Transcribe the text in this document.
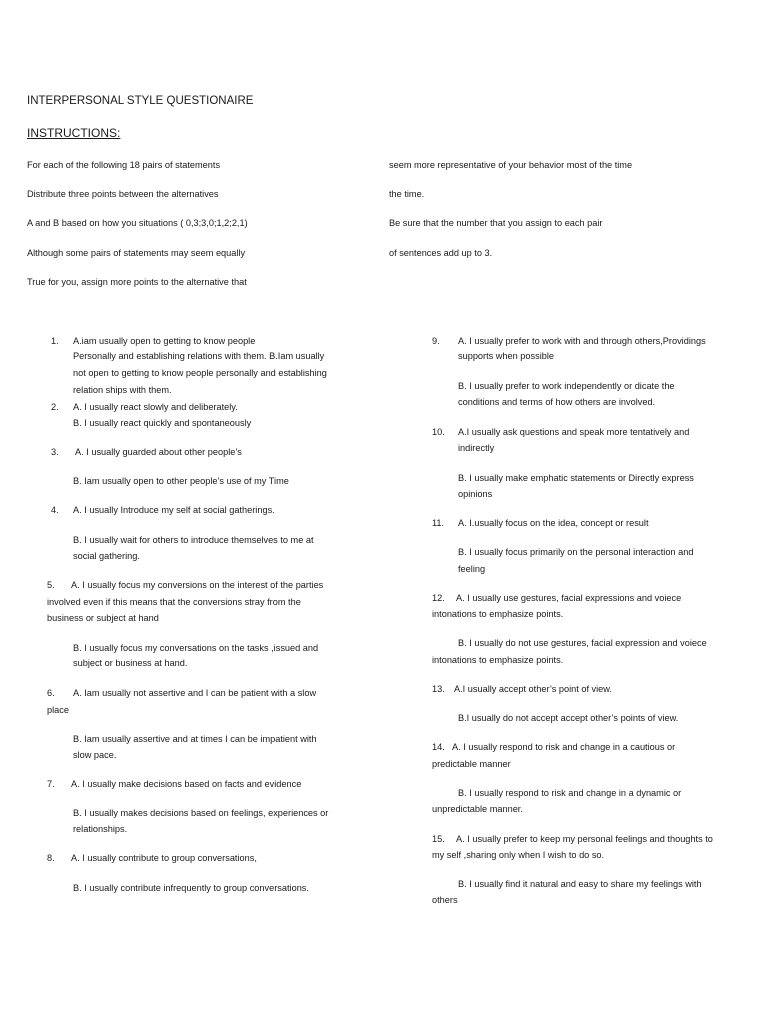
INTERPERSONAL STYLE QUESTIONAIRE
INSTRUCTIONS:
For each of the following 18 pairs of statements
Distribute three points between the alternatives
A and B based on how you situations ( 0,3;3,0;1,2;2,1)
Although some pairs of statements may seem equally
True for you, assign more points to the alternative that
seem more representative of your behavior most of the time
the time.
Be sure that the number that you assign to each pair
of sentences add up to 3.
1. A.iam usually open to getting to know people
Personally and establishing relations with them. B.Iam usually
not open to getting to know people personally and establishing
relation ships with them.
2. A. I usually react slowly and deliberately.
B. I usually react quickly and spontaneously
3. A. I usually guarded about other people’s
B. Iam usually open to other people’s use of my Time
4. A. I usually Introduce my self at social gatherings.
B. I usually wait for others to introduce themselves to me at
social gathering.
5. A. I usually focus my conversions on the interest of the parties
involved even if this means that the conversions stray from the
business or subject at hand
B. I usually focus my conversations on the tasks ,issued and
subject or business at hand.
6. A. Iam usually not assertive and I can be patient with a slow
place
B. Iam usually assertive and at times I can be impatient with
slow pace.
7. A. I usually make decisions based on facts and evidence
B. I usually makes decisions based on feelings, experiences or
relationships.
8. A. I usually contribute to group conversations,
B. I usually contribute infrequently to group conversations.
9. A. I usually prefer to work with and through others,Providings
supports when possible
B. I usually prefer to work independently or dicate the
conditions and terms of how others are involved.
10. A.I usually ask questions and speak more tentatively and
indirectly
B. I usually make emphatic statements or Directly express
opinions
11. A. I.usually focus on the idea, concept or result
B. I usually focus primarily on the personal interaction and
feeling
12. A. I usually use gestures, facial expressions and voiece
intonations to emphasize points.
B. I usually do not use gestures, facial expression and voiece
intonations to emphasize points.
13. A.I usually accept other’s point of view.
B.I usually do not accept accept other’s points of view.
14. A. I usually respond to risk and change in a cautious or
predictable manner
B. I usually respond to risk and change in a dynamic or
unpredictable manner.
15. A. I usually prefer to keep my personal feelings and thoughts to
my self ,sharing only when I wish to do so.
B. I usually find it natural and easy to share my feelings with
others
